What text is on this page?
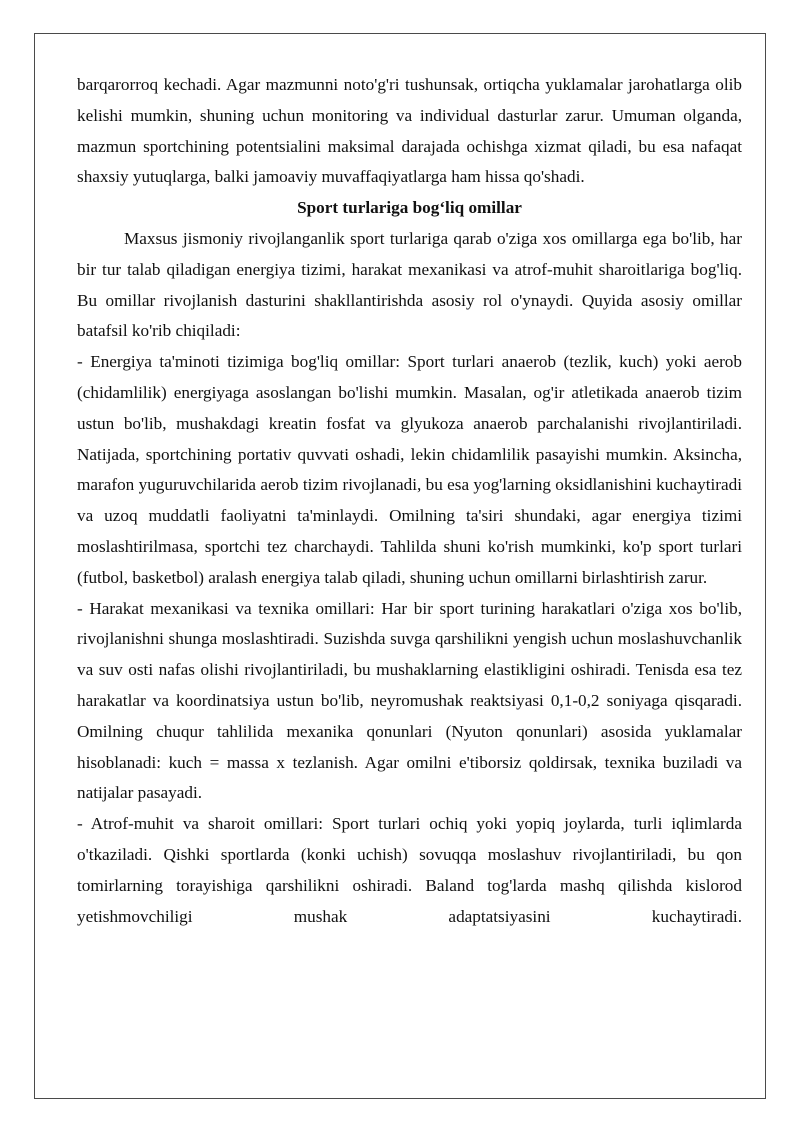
barqarorroq kechadi. Agar mazmunni noto'g'ri tushunsak, ortiqcha yuklamalar jarohatlarga olib kelishi mumkin, shuning uchun monitoring va individual dasturlar zarur. Umuman olganda, mazmun sportchining potentsialini maksimal darajada ochishga xizmat qiladi, bu esa nafaqat shaxsiy yutuqlarga, balki jamoaviy muvaffaqiyatlarga ham hissa qo'shadi.

Sport turlariga bog‘liq omillar

Maxsus jismoniy rivojlanganlik sport turlariga qarab o'ziga xos omillarga ega bo'lib, har bir tur talab qiladigan energiya tizimi, harakat mexanikasi va atrof-muhit sharoitlariga bog'liq. Bu omillar rivojlanish dasturini shakllantirishda asosiy rol o'ynaydi. Quyida asosiy omillar batafsil ko'rib chiqiladi:

- Energiya ta'minoti tizimiga bog'liq omillar: Sport turlari anaerob (tezlik, kuch) yoki aerob (chidamlilik) energiyaga asoslangan bo'lishi mumkin. Masalan, og'ir atletikada anaerob tizim ustun bo'lib, mushakdagi kreatin fosfat va glyukoza anaerob parchalanishi rivojlantiriladi. Natijada, sportchining portativ quvvati oshadi, lekin chidamlilik pasayishi mumkin. Aksincha, marafon yuguruvchilarida aerob tizim rivojlanadi, bu esa yog'larning oksidlanishini kuchaytiradi va uzoq muddatli faoliyatni ta'minlaydi. Omilning ta'siri shundaki, agar energiya tizimi moslashtirilmasa, sportchi tez charchaydi. Tahlilda shuni ko'rish mumkinki, ko'p sport turlari (futbol, basketbol) aralash energiya talab qiladi, shuning uchun omillarni birlashtirish zarur.

- Harakat mexanikasi va texnika omillari: Har bir sport turining harakatlari o'ziga xos bo'lib, rivojlanishni shunga moslashtiradi. Suzishda suvga qarshilikni yengish uchun moslashuvchanlik va suv osti nafas olishi rivojlantiriladi, bu mushaklarning elastikligini oshiradi. Tenisda esa tez harakatlar va koordinatsiya ustun bo'lib, neyromushak reaktsiyasi 0,1-0,2 soniyaga qisqaradi. Omilning chuqur tahlilida mexanika qonunlari (Nyuton qonunlari) asosida yuklamalar hisoblanadi: kuch = massa x tezlanish. Agar omilni e'tiborsiz qoldirsak, texnika buziladi va natijalar pasayadi.

- Atrof-muhit va sharoit omillari: Sport turlari ochiq yoki yopiq joylarda, turli iqlimlarda o'tkaziladi. Qishki sportlarda (konki uchish) sovuqqa moslashuv rivojlantiriladi, bu qon tomirlarning torayishiga qarshilikni oshiradi. Baland tog'larda mashq qilishda kislorod yetishmovchiligi mushak adaptatsiyasini kuchaytiradi.
